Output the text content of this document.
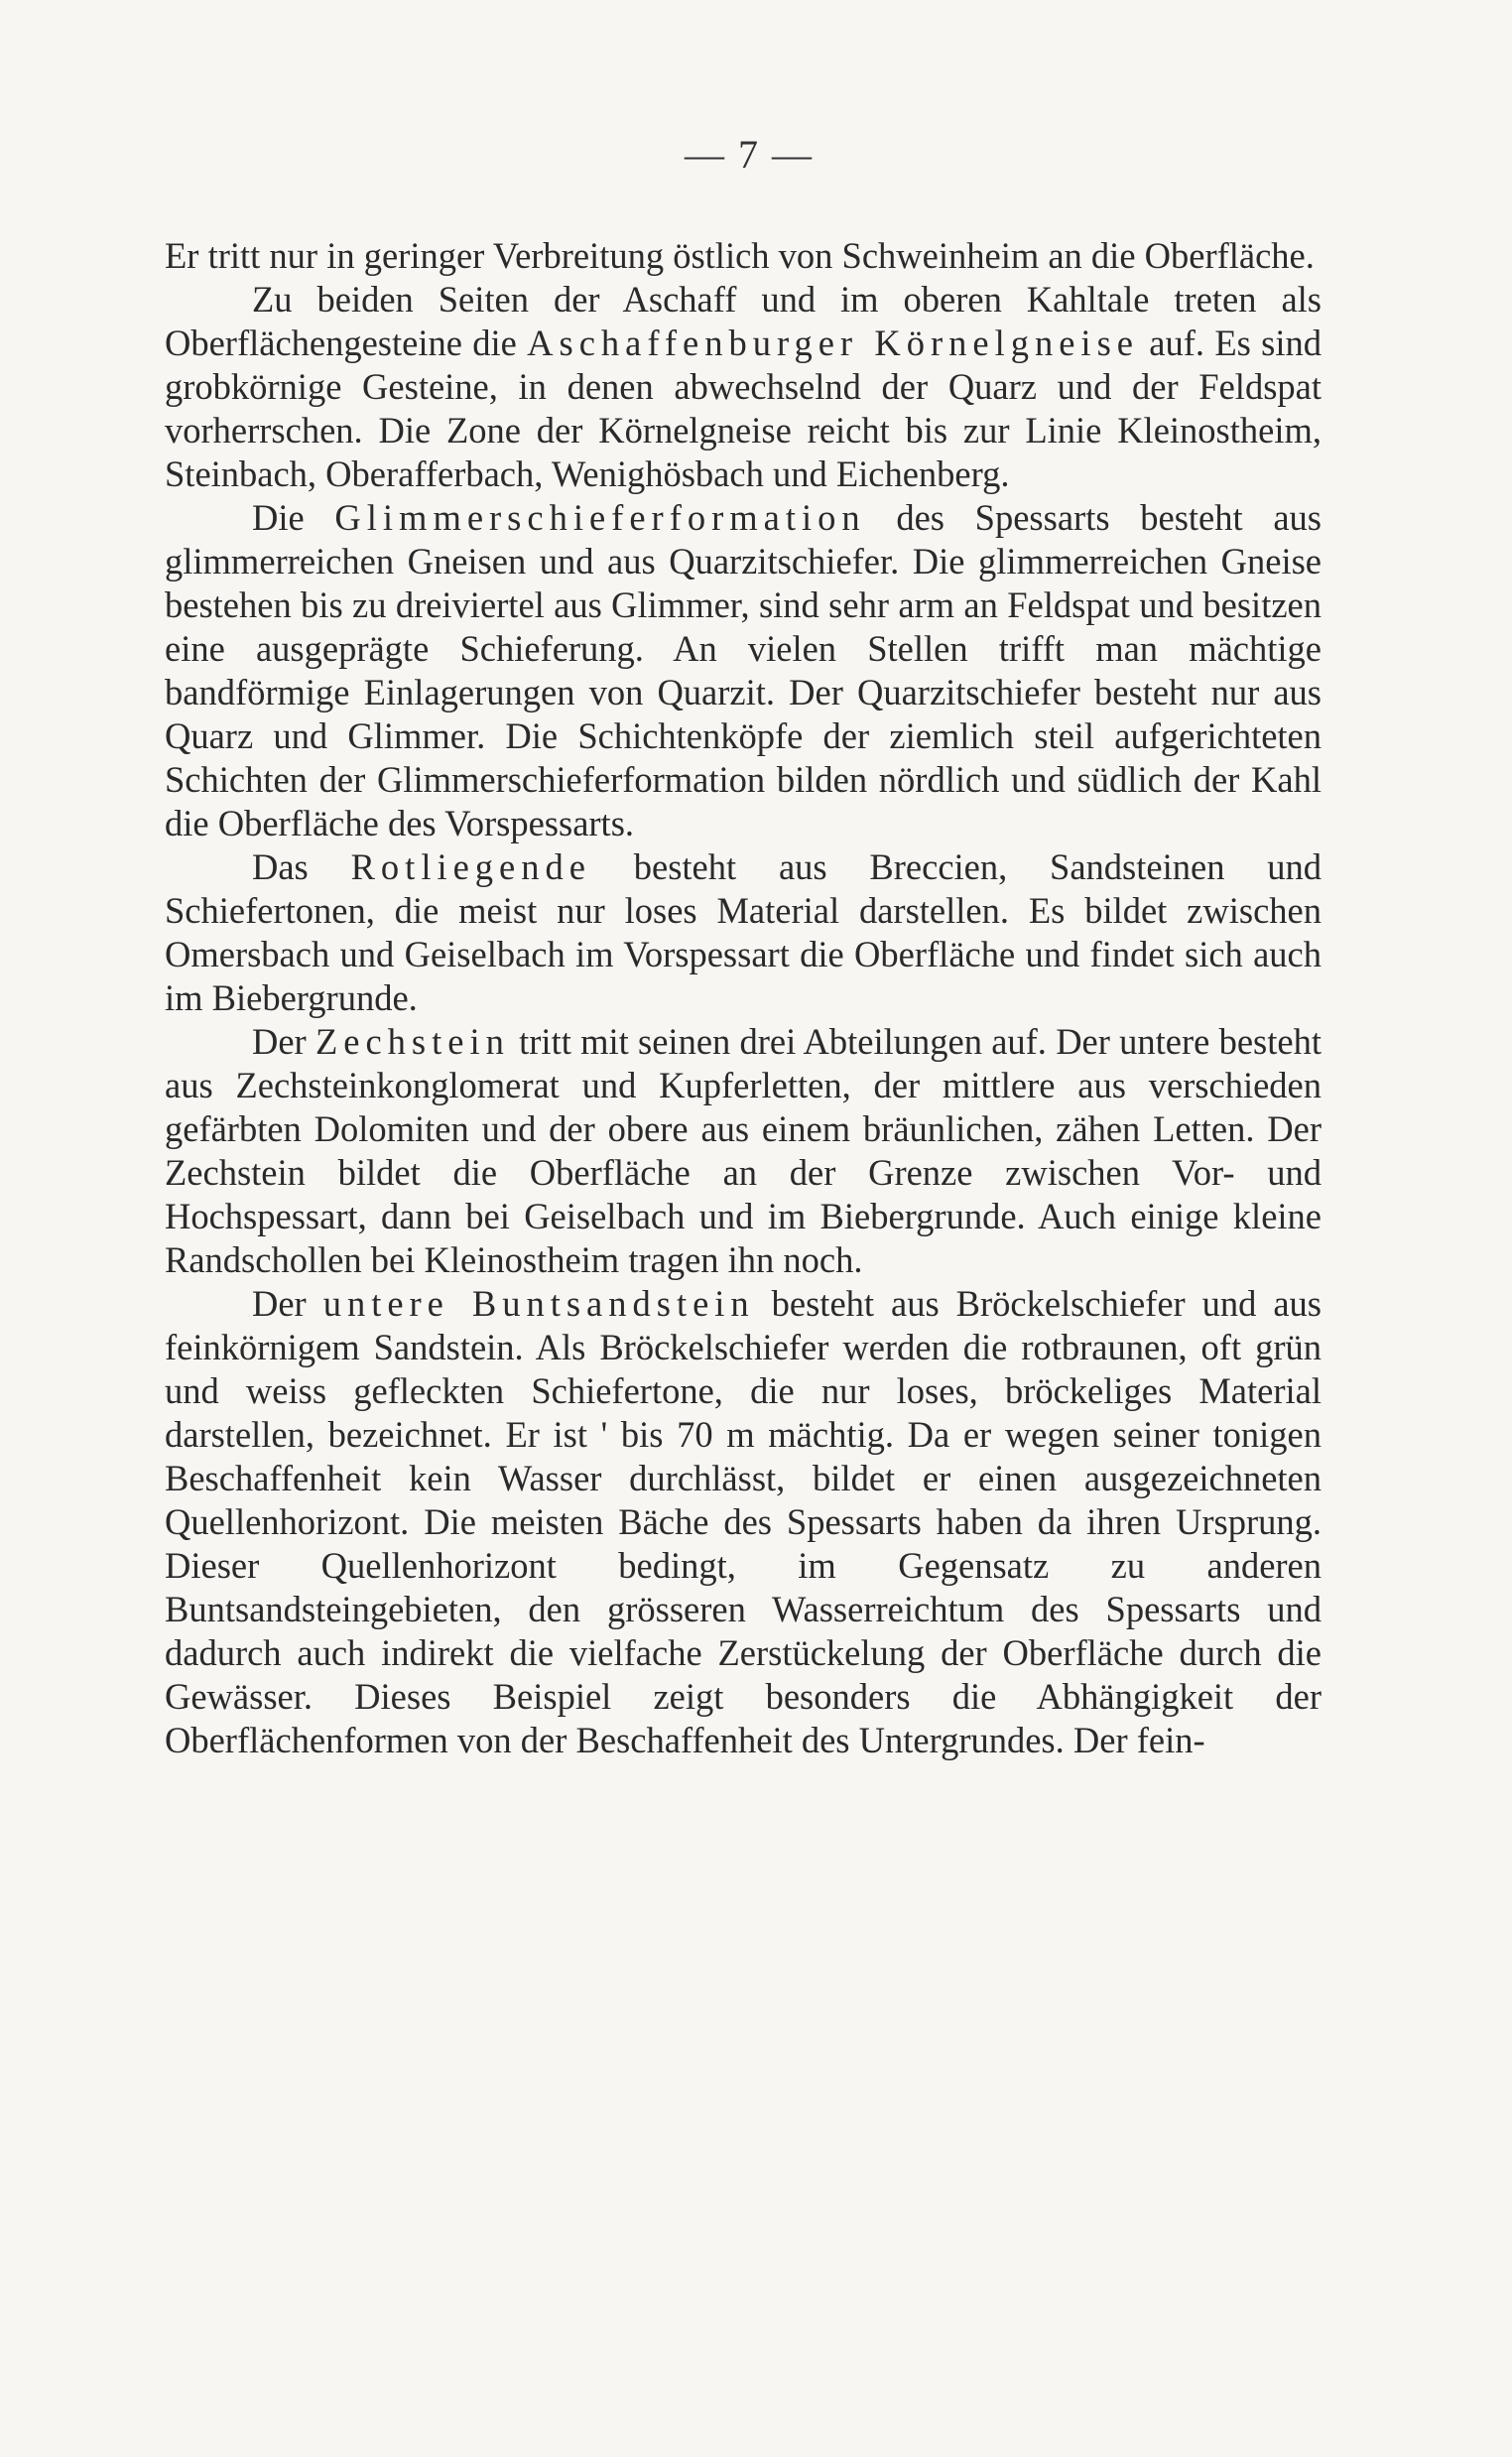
— 7 —

Er tritt nur in geringer Verbreitung östlich von Schweinheim an die Oberfläche.

Zu beiden Seiten der Aschaff und im oberen Kahltale treten als Oberflächengesteine die Aschaffenburger Körnelgneise auf. Es sind grobkörnige Gesteine, in denen abwechselnd der Quarz und der Feldspat vorherrschen. Die Zone der Körnelgneise reicht bis zur Linie Kleinostheim, Steinbach, Oberafferbach, Wenighösbach und Eichenberg.

Die Glimmerschieferformation des Spessarts besteht aus glimmerreichen Gneisen und aus Quarzitschiefer. Die glimmerreichen Gneise bestehen bis zu dreiviertel aus Glimmer, sind sehr arm an Feldspat und besitzen eine ausgeprägte Schieferung. An vielen Stellen trifft man mächtige bandförmige Einlagerungen von Quarzit. Der Quarzitschiefer besteht nur aus Quarz und Glimmer. Die Schichtenköpfe der ziemlich steil aufgerichteten Schichten der Glimmerschieferformation bilden nördlich und südlich der Kahl die Oberfläche des Vorspessarts.

Das Rotliegende besteht aus Breccien, Sandsteinen und Schiefertonen, die meist nur loses Material darstellen. Es bildet zwischen Omersbach und Geiselbach im Vorspessart die Oberfläche und findet sich auch im Biebergrunde.

Der Zechstein tritt mit seinen drei Abteilungen auf. Der untere besteht aus Zechsteinkonglomerat und Kupferletten, der mittlere aus verschieden gefärbten Dolomiten und der obere aus einem bräunlichen, zähen Letten. Der Zechstein bildet die Oberfläche an der Grenze zwischen Vor- und Hochspessart, dann bei Geiselbach und im Biebergrunde. Auch einige kleine Randschollen bei Kleinostheim tragen ihn noch.

Der untere Buntsandstein besteht aus Bröckelschiefer und aus feinkörnigem Sandstein. Als Bröckelschiefer werden die rotbraunen, oft grün und weiss gefleckten Schiefertone, die nur loses, bröckeliges Material darstellen, bezeichnet. Er ist ' bis 70 m mächtig. Da er wegen seiner tonigen Beschaffenheit kein Wasser durchlässt, bildet er einen ausgezeichneten Quellenhorizont. Die meisten Bäche des Spessarts haben da ihren Ursprung. Dieser Quellenhorizont bedingt, im Gegensatz zu anderen Buntsandsteingebieten, den grösseren Wasserreichtum des Spessarts und dadurch auch indirekt die vielfache Zerstückelung der Oberfläche durch die Gewässer. Dieses Beispiel zeigt besonders die Abhängigkeit der Oberflächenformen von der Beschaffenheit des Untergrundes. Der fein-
